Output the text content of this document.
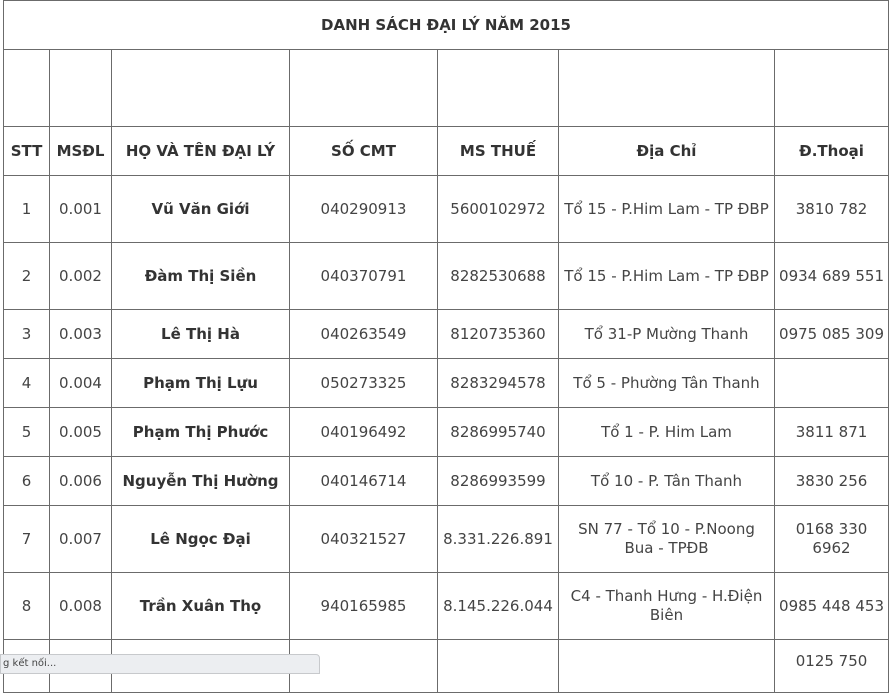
DANH SÁCH ĐẠI LÝ NĂM 2015						

STT	MSĐL	HỌ VÀ TÊN ĐẠI LÝ	SỐ CMT	MS THUẾ	Địa Chỉ	Đ.Thoại
1	0.001	Vũ Văn Giới	040290913	5600102972	Tổ 15 - P.Him Lam - TP ĐBP	3810 782
2	0.002	Đàm Thị Siền	040370791	8282530688	Tổ 15 - P.Him Lam - TP ĐBP	0934 689 551
3	0.003	Lê Thị Hà	040263549	8120735360	Tổ 31-P Mường Thanh	0975 085 309
4	0.004	Phạm Thị Lựu	050273325	8283294578	Tổ 5 - Phường Tân Thanh	
5	0.005	Phạm Thị Phước	040196492	8286995740	Tổ 1 - P. Him Lam	3811 871
6	0.006	Nguyễn Thị Hường	040146714	8286993599	Tổ 10 - P. Tân Thanh	3830 256
7	0.007	Lê Ngọc Đại	040321527	8.331.226.891	SN 77 - Tổ 10 - P.Noong Bua - TPĐB	0168 330 6962
8	0.008	Trần Xuân Thọ	940165985	8.145.226.044	C4 - Thanh Hưng - H.Điện Biên	0985 448 453
						0125 750
g kết nối...
